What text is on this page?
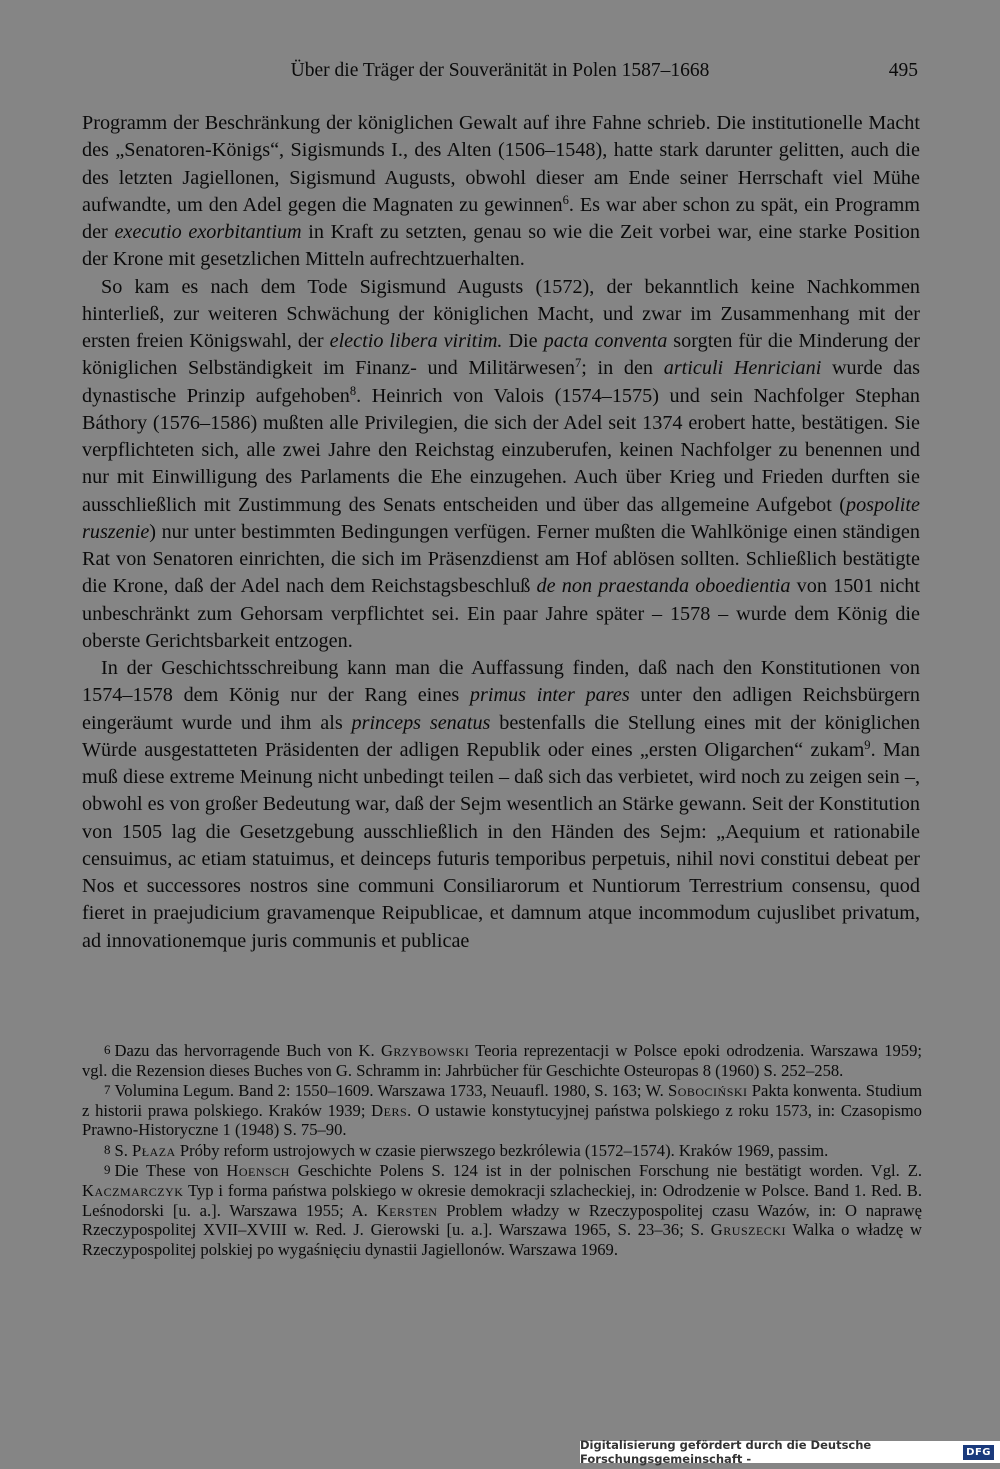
Über die Träger der Souveränität in Polen 1587–1668	495

Programm der Beschränkung der königlichen Gewalt auf ihre Fahne schrieb. Die institutionelle Macht des „Senatoren-Königs“, Sigismunds I., des Alten (1506–1548), hatte stark darunter gelitten, auch die des letzten Jagiellonen, Sigismund Augusts, obwohl dieser am Ende seiner Herrschaft viel Mühe aufwandte, um den Adel gegen die Magnaten zu gewinnen$^6$. Es war aber schon zu spät, ein Programm der executio exorbitantium in Kraft zu setzten, genau so wie die Zeit vorbei war, eine starke Position der Krone mit gesetzlichen Mitteln aufrechtzuerhalten.

So kam es nach dem Tode Sigismund Augusts (1572), der bekanntlich keine Nachkommen hinterließ, zur weiteren Schwächung der königlichen Macht, und zwar im Zusammenhang mit der ersten freien Königswahl, der electio libera viritim. Die pacta conventa sorgten für die Minderung der königlichen Selbständigkeit im Finanz- und Militärwesen$^7$; in den articuli Henriciani wurde das dynastische Prinzip aufgehoben$^8$. Heinrich von Valois (1574–1575) und sein Nachfolger Stephan Báthory (1576–1586) mußten alle Privilegien, die sich der Adel seit 1374 erobert hatte, bestätigen. Sie verpflichteten sich, alle zwei Jahre den Reichstag einzuberufen, keinen Nachfolger zu benennen und nur mit Einwilligung des Parlaments die Ehe einzugehen. Auch über Krieg und Frieden durften sie ausschließlich mit Zustimmung des Senats entscheiden und über das allgemeine Aufgebot (pospolite ruszenie) nur unter bestimmten Bedingungen verfügen. Ferner mußten die Wahlkönige einen ständigen Rat von Senatoren einrichten, die sich im Präsenzdienst am Hof ablösen sollten. Schließlich bestätigte die Krone, daß der Adel nach dem Reichstagsbeschluß de non praestanda oboedientia von 1501 nicht unbeschränkt zum Gehorsam verpflichtet sei. Ein paar Jahre später – 1578 – wurde dem König die oberste Gerichtsbarkeit entzogen.

In der Geschichtsschreibung kann man die Auffassung finden, daß nach den Konstitutionen von 1574–1578 dem König nur der Rang eines primus inter pares unter den adligen Reichsbürgern eingeräumt wurde und ihm als princeps senatus bestenfalls die Stellung eines mit der königlichen Würde ausgestatteten Präsidenten der adligen Republik oder eines „ersten Oligarchen“ zukam$^9$. Man muß diese extreme Meinung nicht unbedingt teilen – daß sich das verbietet, wird noch zu zeigen sein –, obwohl es von großer Bedeutung war, daß der Sejm wesentlich an Stärke gewann. Seit der Konstitution von 1505 lag die Gesetzgebung ausschließlich in den Händen des Sejm: „Aequium et rationabile censuimus, ac etiam statuimus, et deinceps futuris temporibus perpetuis, nihil novi constitui debeat per Nos et successores nostros sine communi Consiliarorum et Nuntiorum Terrestrium consensu, quod fieret in praejudicium gravamenque Reipublicae, et damnum atque incommodum cujuslibet privatum, ad innovationemque juris communis et publicae

6 Dazu das hervorragende Buch von K. Grzybowski Teoria reprezentacji w Polsce epoki odrodzenia. Warszawa 1959; vgl. die Rezension dieses Buches von G. Schramm in: Jahrbücher für Geschichte Osteuropas 8 (1960) S. 252–258.

7 Volumina Legum. Band 2: 1550–1609. Warszawa 1733, Neuaufl. 1980, S. 163; W. Sobociński Pakta konwenta. Studium z historii prawa polskiego. Kraków 1939; Ders. O ustawie konstytucyjnej państwa polskiego z roku 1573, in: Czasopismo Prawno-Historyczne 1 (1948) S. 75–90.

8 S. Płaza Próby reform ustrojowych w czasie pierwszego bezkrólewia (1572–1574). Kraków 1969, passim.

9 Die These von Hoensch Geschichte Polens S. 124 ist in der polnischen Forschung nie bestätigt worden. Vgl. Z. Kaczmarczyk Typ i forma państwa polskiego w okresie demokracji szlacheckiej, in: Odrodzenie w Polsce. Band 1. Red. B. Leśnodorski [u. a.]. Warszawa 1955; A. Kersten Problem władzy w Rzeczypospolitej czasu Wazów, in: O naprawę Rzeczypospolitej XVII–XVIII w. Red. J. Gierowski [u. a.]. Warszawa 1965, S. 23–36; S. Gruszecki Walka o władzę w Rzeczypospolitej polskiej po wygaśnięciu dynastii Jagiellonów. Warszawa 1969.

Digitalisierung gefördert durch die Deutsche Forschungsgemeinschaft -	DFG
